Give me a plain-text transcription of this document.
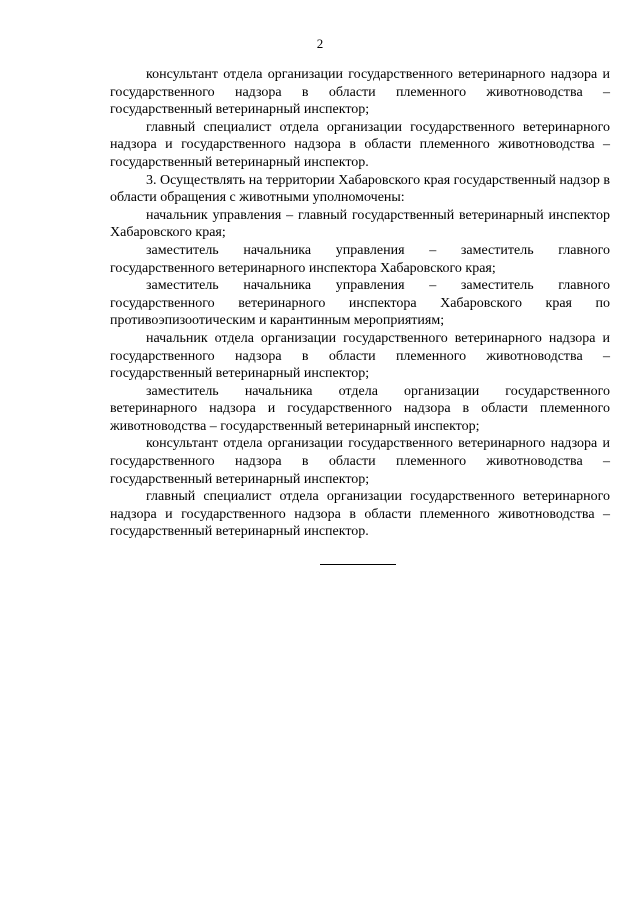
2

консультант отдела организации государственного ветеринарного надзора и государственного надзора в области племенного животноводства – государственный ветеринарный инспектор;

главный специалист отдела организации государственного ветеринарного надзора и государственного надзора в области племенного животноводства – государственный ветеринарный инспектор.

3. Осуществлять на территории Хабаровского края государственный надзор в области обращения с животными уполномочены:

начальник управления – главный государственный ветеринарный инспектор Хабаровского края;

заместитель начальника управления – заместитель главного государственного ветеринарного инспектора Хабаровского края;

заместитель начальника управления – заместитель главного государственного ветеринарного инспектора Хабаровского края по противоэпизоотическим и карантинным мероприятиям;

начальник отдела организации государственного ветеринарного надзора и государственного надзора в области племенного животноводства – государственный ветеринарный инспектор;

заместитель начальника отдела организации государственного ветеринарного надзора и государственного надзора в области племенного животноводства – государственный ветеринарный инспектор;

консультант отдела организации государственного ветеринарного надзора и государственного надзора в области племенного животноводства – государственный ветеринарный инспектор;

главный специалист отдела организации государственного ветеринарного надзора и государственного надзора в области племенного животноводства – государственный ветеринарный инспектор.
